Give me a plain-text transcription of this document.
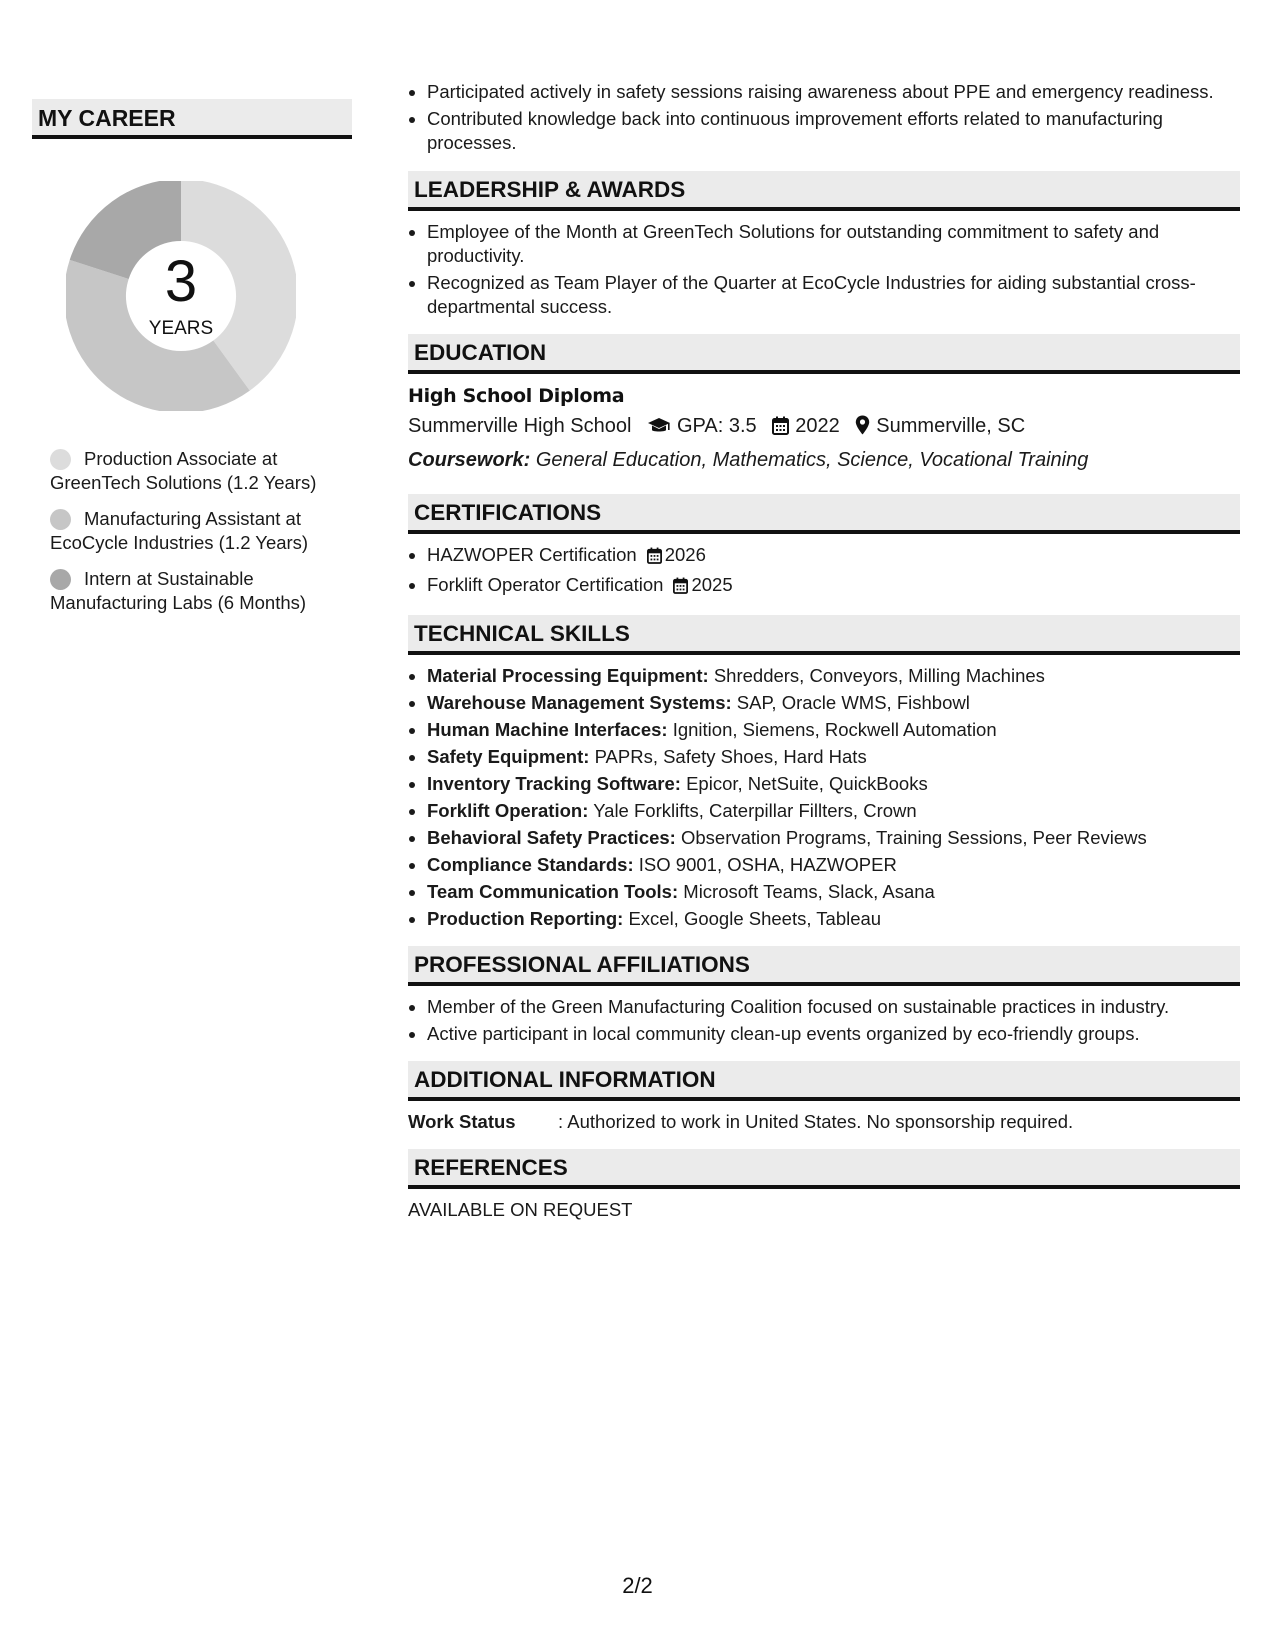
MY CAREER
3
YEARS
Production Associate at GreenTech Solutions (1.2 Years)
Manufacturing Assistant at EcoCycle Industries (1.2 Years)
Intern at Sustainable Manufacturing Labs (6 Months)
• Participated actively in safety sessions raising awareness about PPE and emergency readiness.
• Contributed knowledge back into continuous improvement efforts related to manufacturing processes.
LEADERSHIP & AWARDS
• Employee of the Month at GreenTech Solutions for outstanding commitment to safety and productivity.
• Recognized as Team Player of the Quarter at EcoCycle Industries for aiding substantial cross-departmental success.
EDUCATION
High School Diploma
Summerville High School GPA: 3.5 2022 Summerville, SC
Coursework: General Education, Mathematics, Science, Vocational Training
CERTIFICATIONS
• HAZWOPER Certification 2026
• Forklift Operator Certification 2025
TECHNICAL SKILLS
• Material Processing Equipment: Shredders, Conveyors, Milling Machines
• Warehouse Management Systems: SAP, Oracle WMS, Fishbowl
• Human Machine Interfaces: Ignition, Siemens, Rockwell Automation
• Safety Equipment: PAPRs, Safety Shoes, Hard Hats
• Inventory Tracking Software: Epicor, NetSuite, QuickBooks
• Forklift Operation: Yale Forklifts, Caterpillar Fillters, Crown
• Behavioral Safety Practices: Observation Programs, Training Sessions, Peer Reviews
• Compliance Standards: ISO 9001, OSHA, HAZWOPER
• Team Communication Tools: Microsoft Teams, Slack, Asana
• Production Reporting: Excel, Google Sheets, Tableau
PROFESSIONAL AFFILIATIONS
• Member of the Green Manufacturing Coalition focused on sustainable practices in industry.
• Active participant in local community clean-up events organized by eco-friendly groups.
ADDITIONAL INFORMATION
Work Status	: Authorized to work in United States. No sponsorship required.
REFERENCES
AVAILABLE ON REQUEST
2/2
